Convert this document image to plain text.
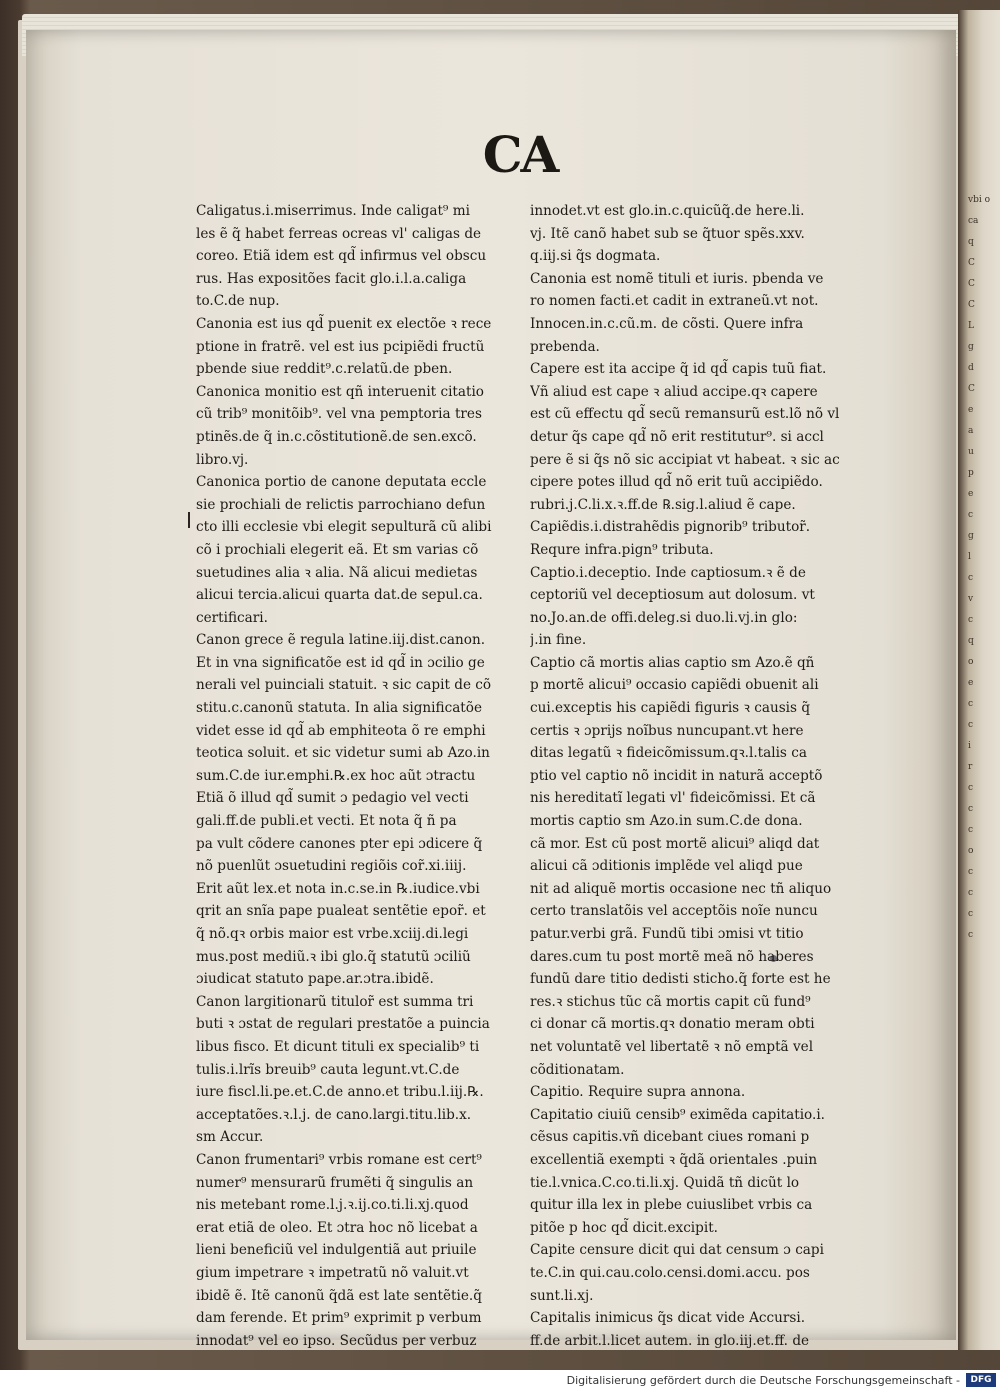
vbi o
ca
q
C
C
C
L
g
d
C
e
a
u
p
e
c
g
l
c
v
c
q
o
e
c
c
i
r
c
c
c
o
c
c
c
c
CA
Caligatus.i.miserrimus. Inde caligat⁹ mi
les ẽ q̃ habet ferreas ocreas vl' caligas de
coreo. Etiã idem est qd̃ infirmus vel obscu
rus. Has expositões facit glo.i.l.a.caliga
to.C.de nup.
Canonia est ius qd̃ puenit ex electõe ꝛ rece
ptione in fratrẽ. vel est ius pcipiẽdi fructũ
pbende siue reddit⁹.c.relatũ.de pben.
Canonica monitio est qñ interuenit citatio
cũ trib⁹ monitõib⁹. vel vna pemptoria tres
ptinẽs.de q̃ in.c.cõstitutionẽ.de sen.excõ.
libro.vj.
Canonica portio de canone deputata eccle
sie prochiali de relictis parrochiano defun
cto illi ecclesie vbi elegit sepulturã cũ alibi
cõ i prochiali elegerit eã. Et sm varias cõ
suetudines alia ꝛ alia. Nã alicui medietas
alicui tercia.alicui quarta dat.de sepul.ca.
certificari.
Canon grece ẽ regula latine.iij.dist.canon.
Et in vna significatõe est id qd̃ in ɔcilio ge
nerali vel puinciali statuit. ꝛ sic capit de cõ
stitu.c.canonũ statuta. In alia significatõe
videt esse id qd̃ ab emphiteota õ re emphi
teotica soluit. et sic videtur sumi ab Azo.in
sum.C.de iur.emphi.℞.ex hoc aũt ɔtractu
Etiã õ illud qd̃ sumit ɔ pedagio vel vecti
gali.ff.de publi.et vecti. Et nota q̃ ñ pa
pa vult cõdere canones pter epi ɔdicere q̃
nõ puenlũt ɔsuetudini regiõis cor̃.xi.iiij.
Erit aũt lex.et nota in.c.se.in ℞.iudice.vbi
qrit an snĩa pape pualeat sentẽtie epor̃. et
q̃ nõ.qꝛ orbis maior est vrbe.xciij.di.legi
mus.post mediũ.ꝛ ibi glo.q̃ statutũ ɔciliũ
ɔiudicat statuto pape.ar.ɔtra.ibidẽ.
Canon largitionarũ titulor̃ est summa tri
buti ꝛ ɔstat de regulari prestatõe a puincia
libus fisco. Et dicunt tituli ex specialib⁹ ti
tulis.i.lrĩs breuib⁹ cauta legunt.vt.C.de
iure fiscl.li.pe.et.C.de anno.et tribu.l.iij.℞.
acceptatões.ꝛ.l.j. de cano.largi.titu.lib.x.
sm Accur.
Canon frumentari⁹ vrbis romane est cert⁹
numer⁹ mensurarũ frumẽti q̃ singulis an
nis metebant rome.l.j.ꝛ.ij.co.ti.li.xj.quod
erat etiã de oleo. Et ɔtra hoc nõ licebat a
lieni beneficiũ vel indulgentiã aut priuile
gium impetrare ꝛ impetratũ nõ valuit.vt
ibidẽ ẽ. Itẽ canonũ q̃dã est late sentẽtie.q̃
dam ferende. Et prim⁹ exprimit p verbum
innodat⁹ vel eo ipso. Secũdus per verbuz
innodet.vt est glo.in.c.quicũq̃.de here.li.
vj. Itẽ canõ habet sub se q̃tuor spẽs.xxv.
q.iij.si q̃s dogmata.
Canonia est nomẽ tituli et iuris. pbenda ve
ro nomen facti.et cadit in extraneũ.vt not.
Innocen.in.c.cũ.m. de cõsti. Quere infra
prebenda.
Capere est ita accipe q̃ id qd̃ capis tuũ fiat.
Vñ aliud est cape ꝛ aliud accipe.qꝛ capere
est cũ effectu qd̃ secũ remansurũ est.lõ nõ vl
detur q̃s cape qd̃ nõ erit restitutur⁹. si accl
pere ẽ si q̃s nõ sic accipiat vt habeat. ꝛ sic ac
cipere potes illud qd̃ nõ erit tuũ accipiẽdo.
rubri.j.C.li.x.ꝛ.ff.de ℞.sig.l.aliud ẽ cape.
Capiẽdis.i.distrahẽdis pignorib⁹ tributor̃.
Requre infra.pign⁹ tributa.
Captio.i.deceptio. Inde captiosum.ꝛ ẽ de
ceptoriũ vel deceptiosum aut dolosum. vt
no.Jo.an.de offi.deleg.si duo.li.vj.in glo:
j.in fine.
Captio cã mortis alias captio sm Azo.ẽ qñ
p mortẽ alicui⁹ occasio capiẽdi obuenit ali
cui.exceptis his capiẽdi figuris ꝛ causis q̃
certis ꝛ ɔprijs noĩbus nuncupant.vt here
ditas legatũ ꝛ fideicõmissum.qꝛ.l.talis ca
ptio vel captio nõ incidit in naturã acceptõ
nis hereditatĩ legati vl' fideicõmissi. Et cã
mortis captio sm Azo.in sum.C.de dona.
cã mor. Est cũ post mortẽ alicui⁹ aliqd dat
alicui cã ɔditionis implẽde vel aliqd pue
nit ad aliquẽ mortis occasione nec tñ aliquo
certo translatõis vel acceptõis noĩe nuncu
patur.verbi grã. Fundũ tibi ɔmisi vt titio
dares.cum tu post mortẽ meã nõ haberes
fundũ dare titio dedisti sticho.q̃ forte est he
res.ꝛ stichus tũc cã mortis capit cũ fund⁹
ci donar cã mortis.qꝛ donatio meram obti
net voluntatẽ vel libertatẽ ꝛ nõ emptã vel
cõditionatam.
Capitio. Require supra annona.
Capitatio ciuiũ censib⁹ eximẽda capitatio.i.
cẽsus capitis.vñ dicebant ciues romani p
excellentiã exempti ꝛ q̃dã orientales .puin
tie.l.vnica.C.co.ti.li.xj. Quidã tñ dicũt lo
quitur illa lex in plebe cuiuslibet vrbis ca
pitõe p hoc qd̃ dicit.excipit.
Capite censure dicit qui dat censum ɔ capi
te.C.in qui.cau.colo.censi.domi.accu. pos
sunt.li.xj.
Capitalis inimicus q̃s dicat vide Accursi.
ff.de arbit.l.licet autem. in glo.iij.et.ff. de
Digitalisierung gefördert durch die Deutsche Forschungsgemeinschaft -	DFG
